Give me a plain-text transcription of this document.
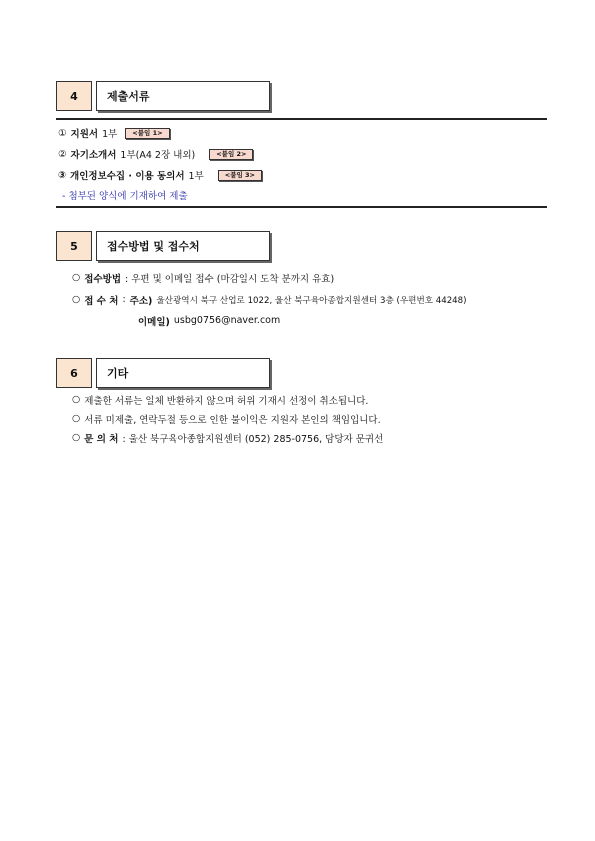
4	제출서류
① 지원서 1부	<붙임 1>
② 자기소개서 1부(A4 2장 내외)	<붙임 2>
③ 개인정보수집 · 이용 동의서 1부	<붙임 3>
- 첨부된 양식에 기재하여 제출
5	접수방법 및 접수처
○ 접수방법 : 우편 및 이메일 접수 (마감일시 도착 분까지 유효)
○ 접 수 처 : 주소) 울산광역시 북구 산업로 1022, 울산 북구육아종합지원센터 3층 (우편번호 44248)
이메일) usbg0756@naver.com
6	기타
○ 제출한 서류는 일체 반환하지 않으며 허위 기재시 선정이 취소됩니다.
○ 서류 미제출, 연락두절 등으로 인한 불이익은 지원자 본인의 책임입니다.
○ 문 의 처 : 울산 북구육아종합지원센터 (052) 285-0756, 담당자 문귀선
